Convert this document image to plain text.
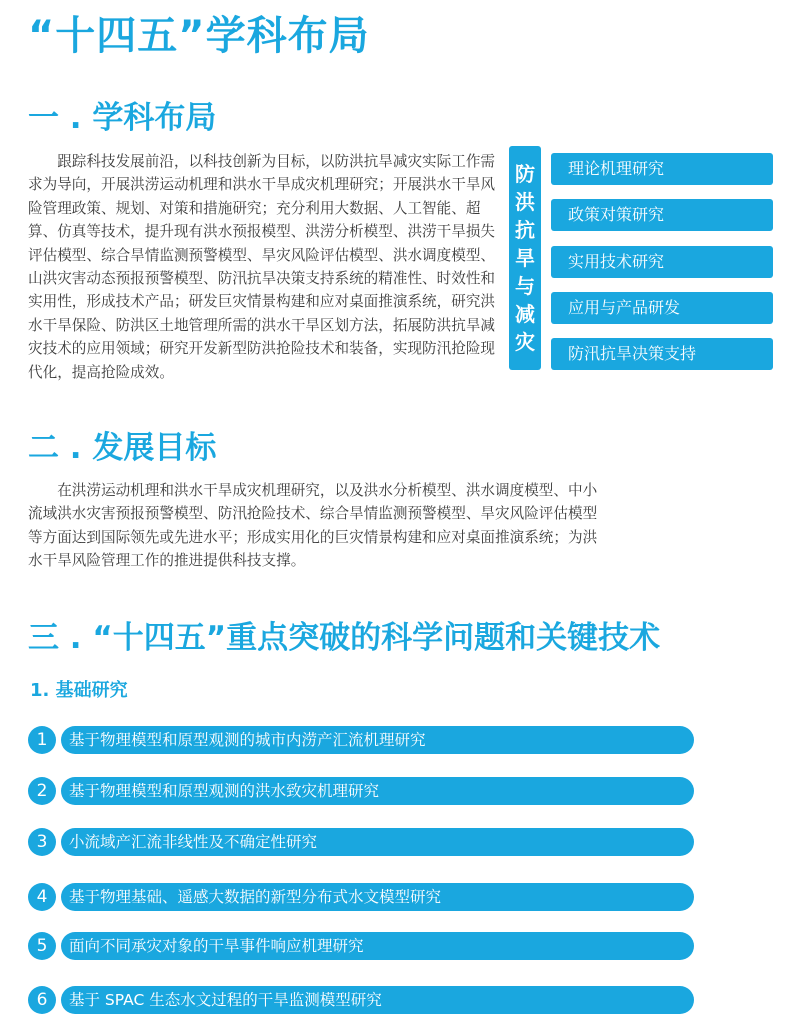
“十四五”学科布局
一 . 学科布局

跟踪科技发展前沿，以科技创新为目标，以防洪抗旱减灾实际工作需求为导向，开展洪涝运动机理和洪水干旱成灾机理研究；开展洪水干旱风险管理政策、规划、对策和措施研究；充分利用大数据、人工智能、超算、仿真等技术，提升现有洪水预报模型、洪涝分析模型、洪涝干旱损失评估模型、综合旱情监测预警模型、旱灾风险评估模型、洪水调度模型、山洪灾害动态预报预警模型、防汛抗旱决策支持系统的精准性、时效性和实用性，形成技术产品；研发巨灾情景构建和应对桌面推演系统，研究洪水干旱保险、防洪区土地管理所需的洪水干旱区划方法，拓展防洪抗旱减灾技术的应用领域；研究开发新型防洪抢险技术和装备，实现防汛抢险现代化，提高抢险成效。

防
洪
抗
旱
与
减
灾
理论机理研究
政策对策研究
实用技术研究
应用与产品研发
防汛抗旱决策支持
二 . 发展目标

在洪涝运动机理和洪水干旱成灾机理研究，以及洪水分析模型、洪水调度模型、中小流域洪水灾害预报预警模型、防汛抢险技术、综合旱情监测预警模型、旱灾风险评估模型等方面达到国际领先或先进水平；形成实用化的巨灾情景构建和应对桌面推演系统；为洪水干旱风险管理工作的推进提供科技支撑。

三 . “十四五”重点突破的科学问题和关键技术
1. 基础研究
1	基于物理模型和原型观测的城市内涝产汇流机理研究
2	基于物理模型和原型观测的洪水致灾机理研究
3	小流域产汇流非线性及不确定性研究
4	基于物理基础、遥感大数据的新型分布式水文模型研究
5	面向不同承灾对象的干旱事件响应机理研究
6	基于 SPAC 生态水文过程的干旱监测模型研究
